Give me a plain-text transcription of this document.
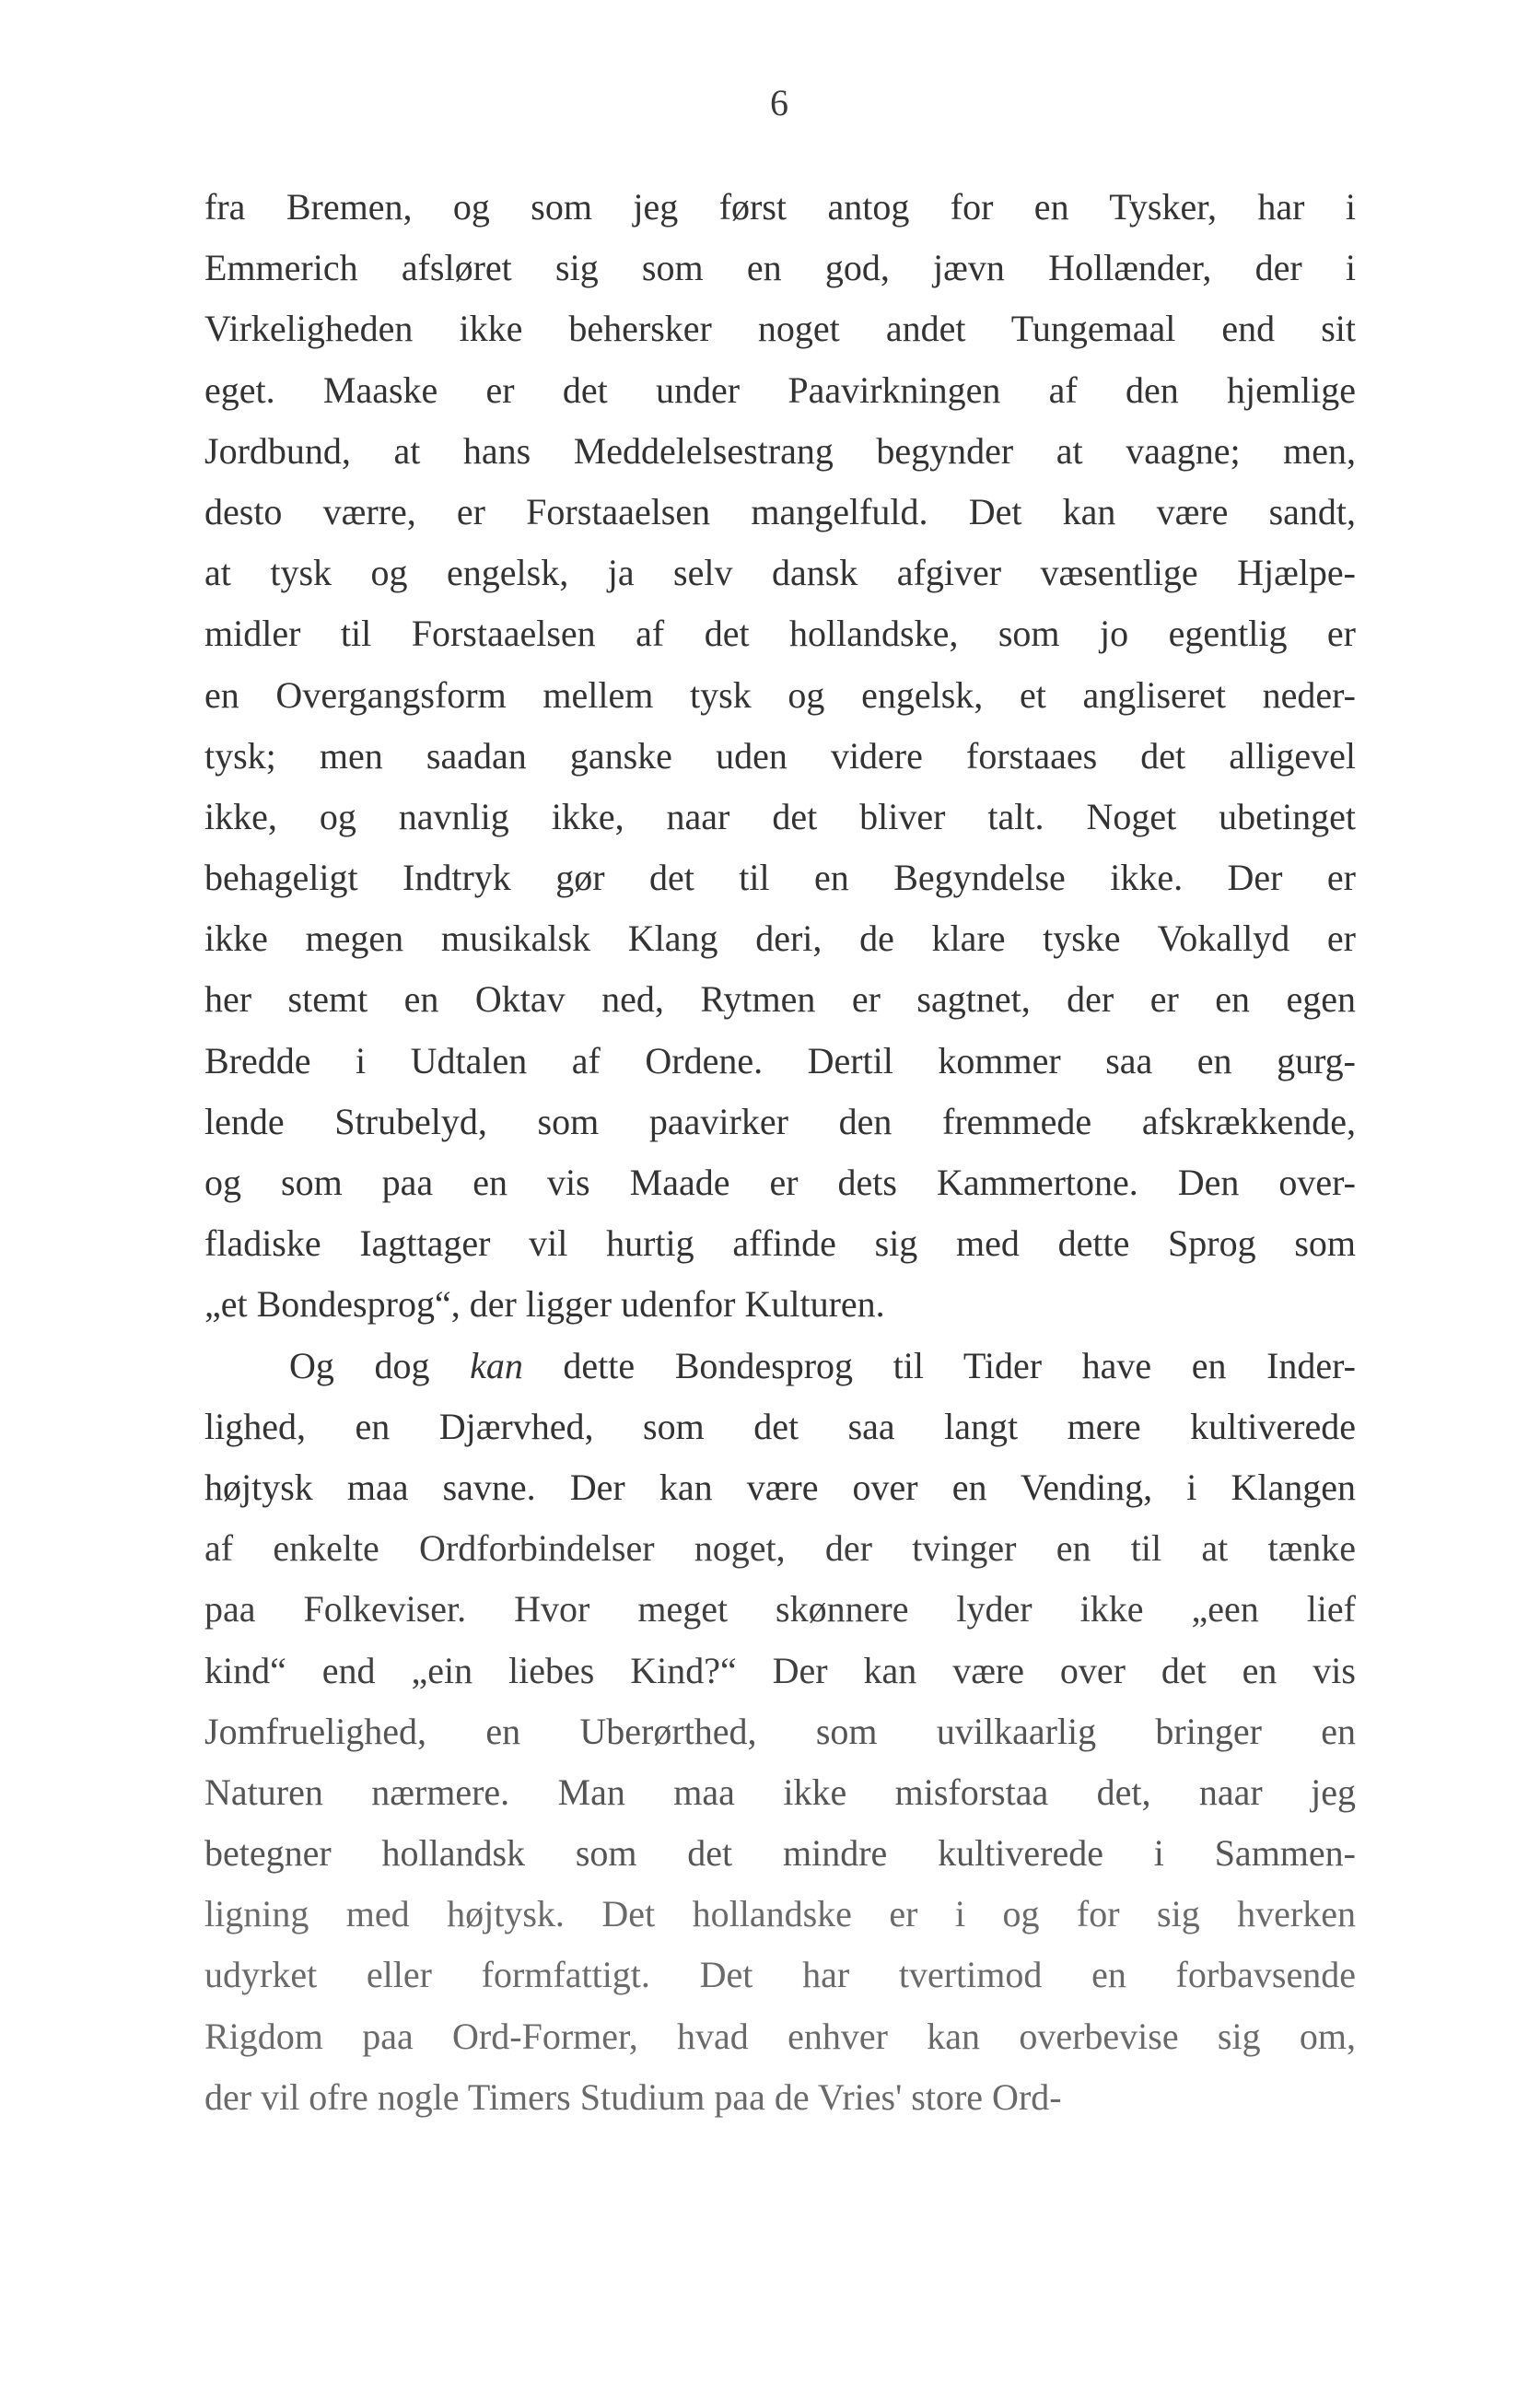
6
fra Bremen, og som jeg først antog for en Tysker, har i
Emmerich afsløret sig som en god, jævn Hollænder, der i
Virkeligheden ikke behersker noget andet Tungemaal end sit
eget. Maaske er det under Paavirkningen af den hjemlige
Jordbund, at hans Meddelelsestrang begynder at vaagne; men,
desto værre, er Forstaaelsen mangelfuld. Det kan være sandt,
at tysk og engelsk, ja selv dansk afgiver væsentlige Hjælpe-
midler til Forstaaelsen af det hollandske, som jo egentlig er
en Overgangsform mellem tysk og engelsk, et angliseret neder-
tysk; men saadan ganske uden videre forstaaes det alligevel
ikke, og navnlig ikke, naar det bliver talt. Noget ubetinget
behageligt Indtryk gør det til en Begyndelse ikke. Der er
ikke megen musikalsk Klang deri, de klare tyske Vokallyd er
her stemt en Oktav ned, Rytmen er sagtnet, der er en egen
Bredde i Udtalen af Ordene. Dertil kommer saa en gurg-
lende Strubelyd, som paavirker den fremmede afskrækkende,
og som paa en vis Maade er dets Kammertone. Den over-
fladiske Iagttager vil hurtig affinde sig med dette Sprog som
„et Bondesprog“, der ligger udenfor Kulturen.
Og dog kan dette Bondesprog til Tider have en Inder-
lighed, en Djærvhed, som det saa langt mere kultiverede
højtysk maa savne. Der kan være over en Vending, i Klangen
af enkelte Ordforbindelser noget, der tvinger en til at tænke
paa Folkeviser. Hvor meget skønnere lyder ikke „een lief
kind“ end „ein liebes Kind?“ Der kan være over det en vis
Jomfruelighed, en Uberørthed, som uvilkaarlig bringer en
Naturen nærmere. Man maa ikke misforstaa det, naar jeg
betegner hollandsk som det mindre kultiverede i Sammen-
ligning med højtysk. Det hollandske er i og for sig hverken
udyrket eller formfattigt. Det har tvertimod en forbavsende
Rigdom paa Ord-Former, hvad enhver kan overbevise sig om,
der vil ofre nogle Timers Studium paa de Vries' store Ord-
